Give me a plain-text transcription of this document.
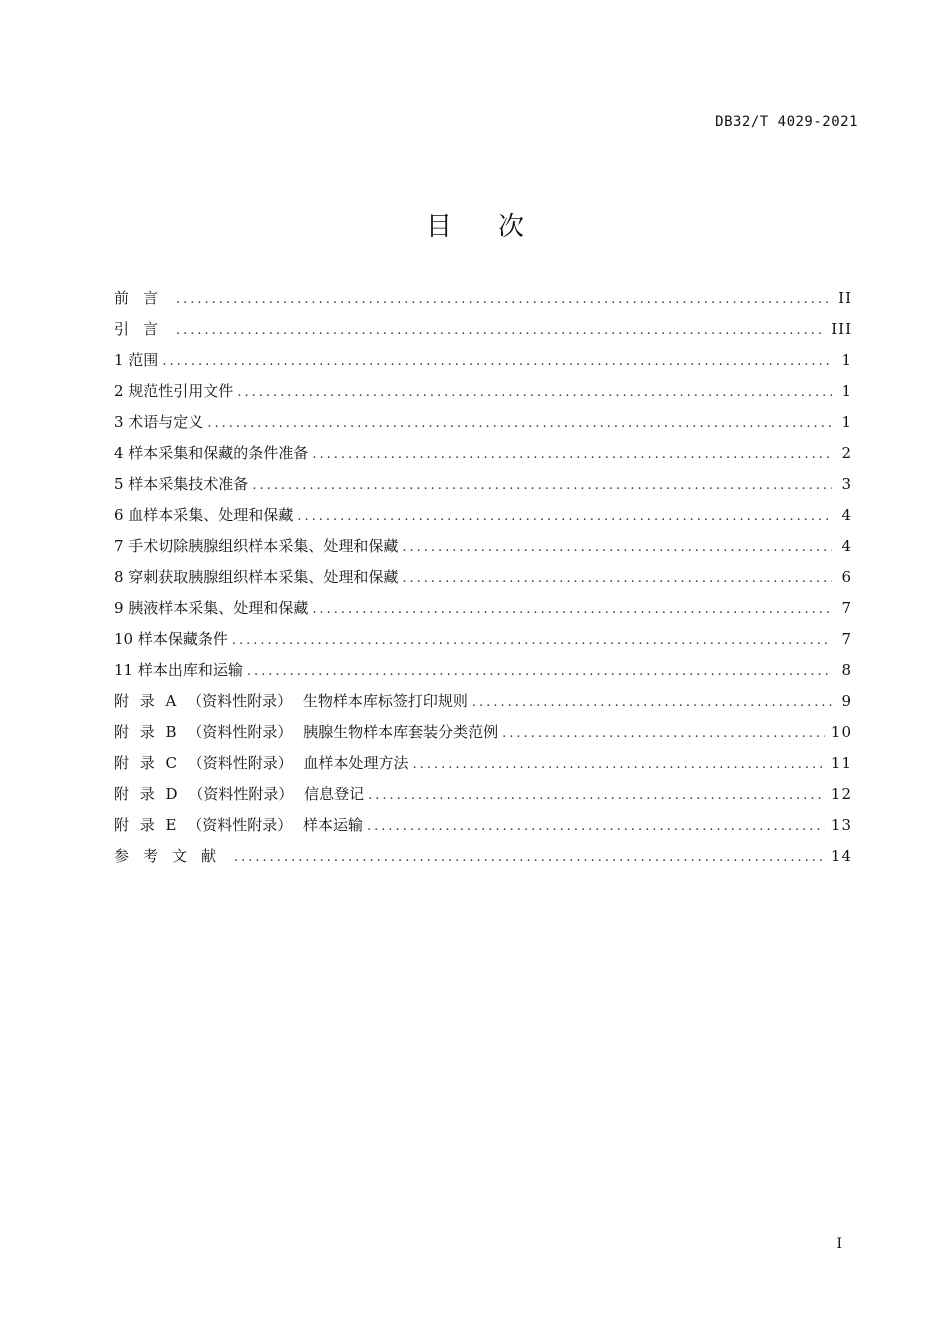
DB32/T 4029-2021
目次
前言 .....	II
引言 .....	III
1 范围 .....	1
2 规范性引用文件 .....	1
3 术语与定义 .....	1
4 样本采集和保藏的条件准备 .....	2
5 样本采集技术准备 .....	3
6 血样本采集、处理和保藏 .....	4
7 手术切除胰腺组织样本采集、处理和保藏 .....	4
8 穿刺获取胰腺组织样本采集、处理和保藏 .....	6
9 胰液样本采集、处理和保藏 .....	7
10 样本保藏条件 .....	7
11 样本出库和运输 .....	8
附 录 A （资料性附录） 生物样本库标签打印规则 .....	9
附 录 B （资料性附录） 胰腺生物样本库套装分类范例 .....	10
附 录 C （资料性附录） 血样本处理方法 .....	11
附 录 D （资料性附录） 信息登记 .....	12
附 录 E （资料性附录） 样本运输 .....	13
参考文献 .....	14
I
